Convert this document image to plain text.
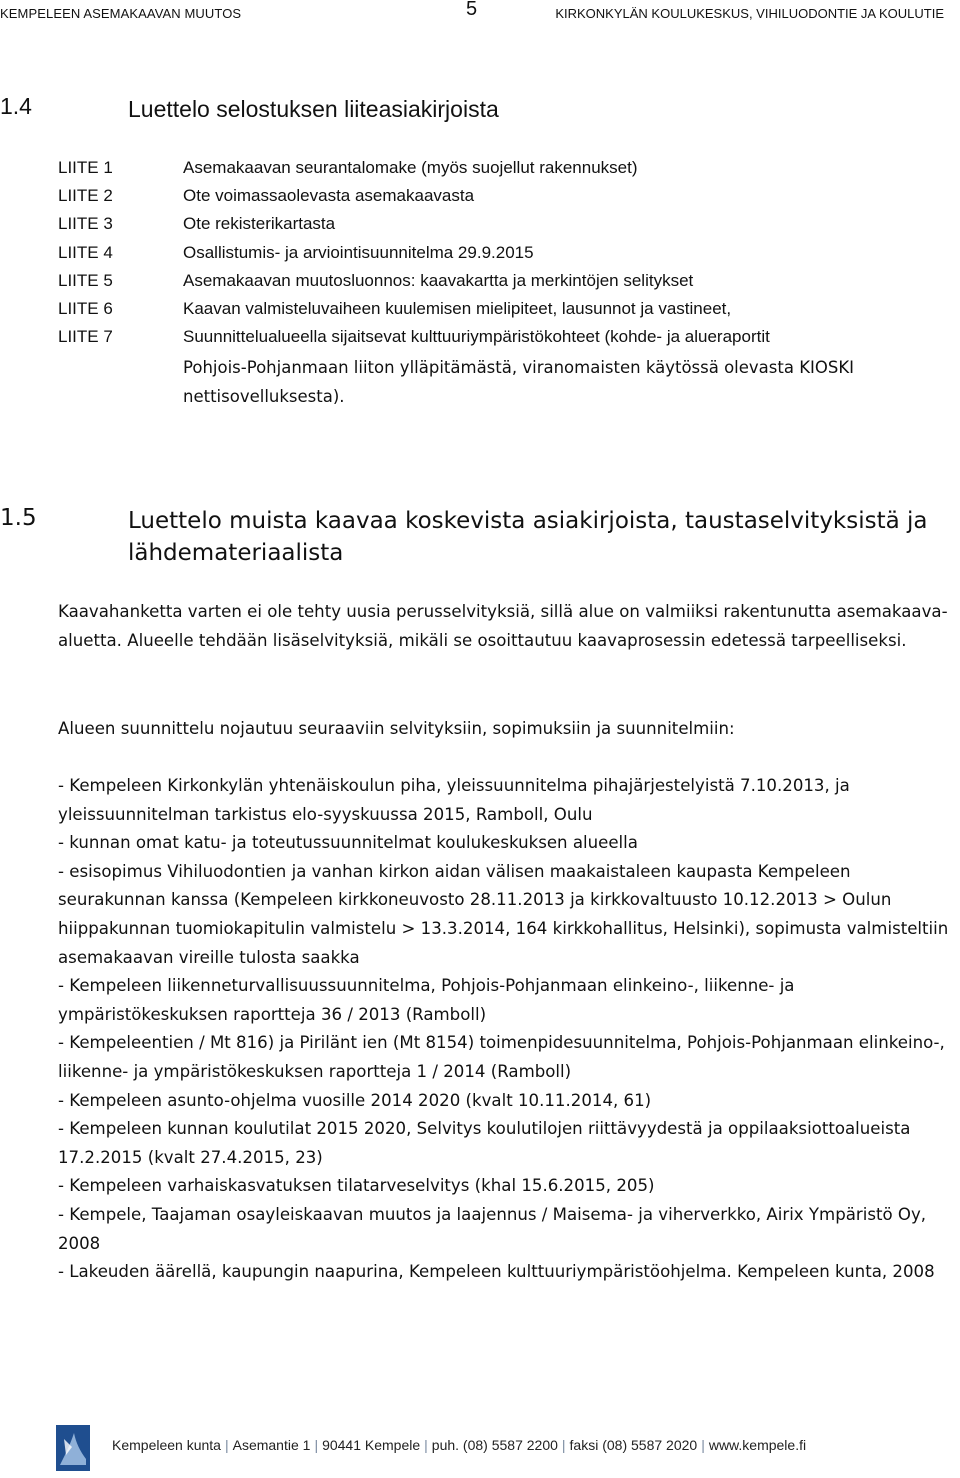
KEMPELEEN ASEMAKAAVAN MUUTOS	5	KIRKONKYLÄN KOULUKESKUS, VIHILUODONTIE JA KOULUTIE
1.4	Luettelo selostuksen liiteasiakirjoista
LIITE 1	Asemakaavan seurantalomake (myös suojellut rakennukset)
LIITE 2	Ote voimassaolevasta asemakaavasta
LIITE 3	Ote rekisterikartasta
LIITE 4	Osallistumis- ja arviointisuunnitelma 29.9.2015
LIITE 5	Asemakaavan muutosluonnos: kaavakartta ja merkintöjen selitykset
LIITE 6	Kaavan valmisteluvaiheen kuulemisen mielipiteet, lausunnot ja vastineet,
LIITE 7	Suunnittelualueella sijaitsevat kulttuuriympäristökohteet (kohde- ja alueraportit
Pohjois-Pohjanmaan liiton ylläpitämästä, viranomaisten käytössä olevasta KIOSKI nettisovelluksesta).
1.5	Luettelo muista kaavaa koskevista asiakirjoista, taustaselvityksistä ja lähdemateriaalista

Kaavahanketta varten ei ole tehty uusia perusselvityksiä, sillä alue on valmiiksi rakentunutta asemakaava-aluetta. Alueelle tehdään lisäselvityksiä, mikäli se osoittautuu kaavaprosessin edetessä tarpeelliseksi.

Alueen suunnittelu nojautuu seuraaviin selvityksiin, sopimuksiin ja suunnitelmiin:

- Kempeleen Kirkonkylän yhtenäiskoulun piha, yleissuunnitelma pihajärjestelyistä 7.10.2013, ja yleissuunnitelman tarkistus elo-syyskuussa 2015, Ramboll, Oulu

- kunnan omat katu- ja toteutussuunnitelmat koulukeskuksen alueella

- esisopimus Vihiluodontien ja vanhan kirkon aidan välisen maakaistaleen kaupasta Kempeleen seurakunnan kanssa (Kempeleen kirkkoneuvosto 28.11.2013 ja kirkkovaltuusto 10.12.2013 > Oulun hiippakunnan tuomiokapitulin valmistelu > 13.3.2014, 164 kirkkohallitus, Helsinki), sopimusta valmisteltiin asemakaavan vireille tulosta saakka

- Kempeleen liikenneturvallisuussuunnitelma, Pohjois-Pohjanmaan elinkeino-, liikenne- ja ympäristökeskuksen raportteja 36 / 2013 (Ramboll)

- Kempeleentien / Mt 816) ja Pirilänt ien (Mt 8154) toimenpidesuunnitelma, Pohjois-Pohjanmaan elinkeino-, liikenne- ja ympäristökeskuksen raportteja 1 / 2014 (Ramboll)

- Kempeleen asunto-ohjelma vuosille 2014 2020 (kvalt 10.11.2014, 61)

- Kempeleen kunnan koulutilat 2015 2020, Selvitys koulutilojen riittävyydestä ja oppilaaksiottoalueista 17.2.2015 (kvalt 27.4.2015, 23)

- Kempeleen varhaiskasvatuksen tilatarveselvitys (khal 15.6.2015, 205)

- Kempele, Taajaman osayleiskaavan muutos ja laajennus / Maisema- ja viherverkko, Airix Ympäristö Oy, 2008

- Lakeuden äärellä, kaupungin naapurina, Kempeleen kulttuuriympäristöohjelma. Kempeleen kunta, 2008

Kempeleen kunta | Asemantie 1 | 90441 Kempele | puh. (08) 5587 2200 | faksi (08) 5587 2020 | www.kempele.fi
